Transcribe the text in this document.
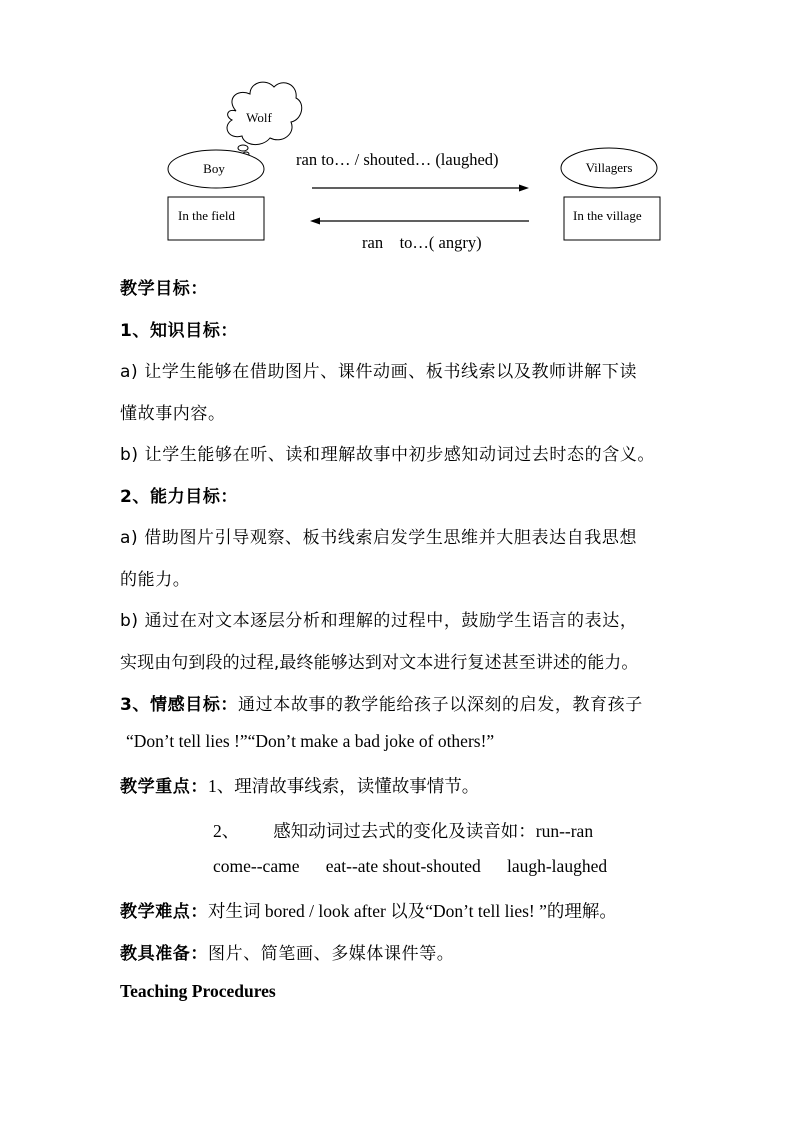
Wolf
Boy	Villagers
In the field	In the village
ran to… / shouted… (laughed)
ran    to…( angry)
教学目标：
1、知识目标：
a) 让学生能够在借助图片、课件动画、板书线索以及教师讲解下读
懂故事内容。
b) 让学生能够在听、读和理解故事中初步感知动词过去时态的含义。
2、能力目标：
a) 借助图片引导观察、板书线索启发学生思维并大胆表达自我思想
的能力。
b) 通过在对文本逐层分析和理解的过程中，鼓励学生语言的表达，
实现由句到段的过程,最终能够达到对文本进行复述甚至讲述的能力。
3、情感目标：通过本故事的教学能给孩子以深刻的启发，教育孩子
“Don’t tell lies !”“Don’t make a bad joke of others!”
教学重点：1、理清故事线索，读懂故事情节。
2、 感知动词过去式的变化及读音如：run--ran
come--came      eat--ate shout-shouted      laugh-laughed
教学难点：对生词 bored / look after 以及“Don’t tell lies! ”的理解。
教具准备：图片、简笔画、多媒体课件等。
Teaching Procedures
